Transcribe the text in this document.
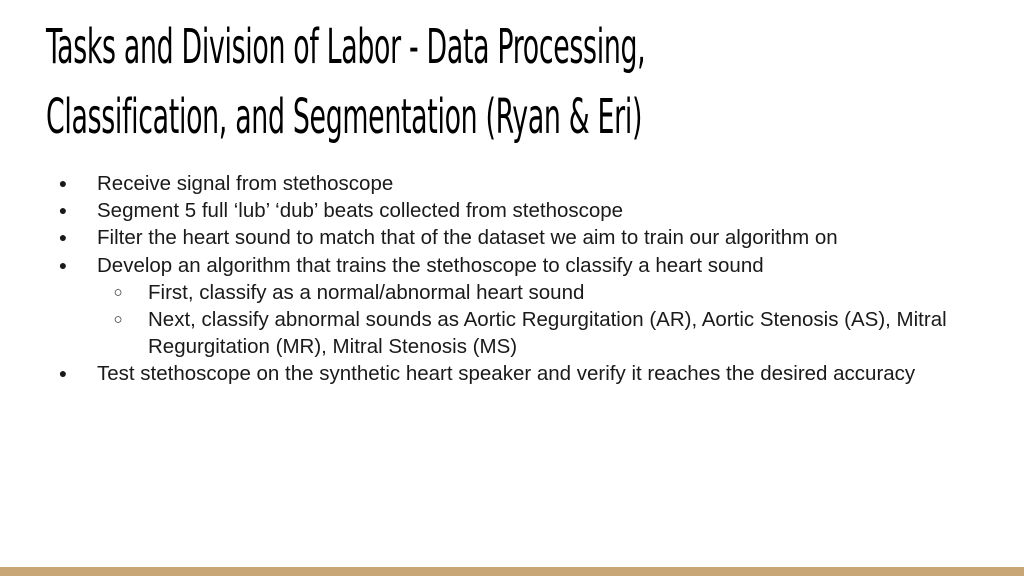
Tasks and Division of Labor - Data Processing,
Classification, and Segmentation (Ryan & Eri)
● Receive signal from stethoscope
● Segment 5 full ‘lub’ ‘dub’ beats collected from stethoscope
● Filter the heart sound to match that of the dataset we aim to train our algorithm on
● Develop an algorithm that trains the stethoscope to classify a heart sound
○ First, classify as a normal/abnormal heart sound
○ Next, classify abnormal sounds as Aortic Regurgitation (AR), Aortic Stenosis (AS), Mitral Regurgitation (MR), Mitral Stenosis (MS)
● Test stethoscope on the synthetic heart speaker and verify it reaches the desired accuracy
